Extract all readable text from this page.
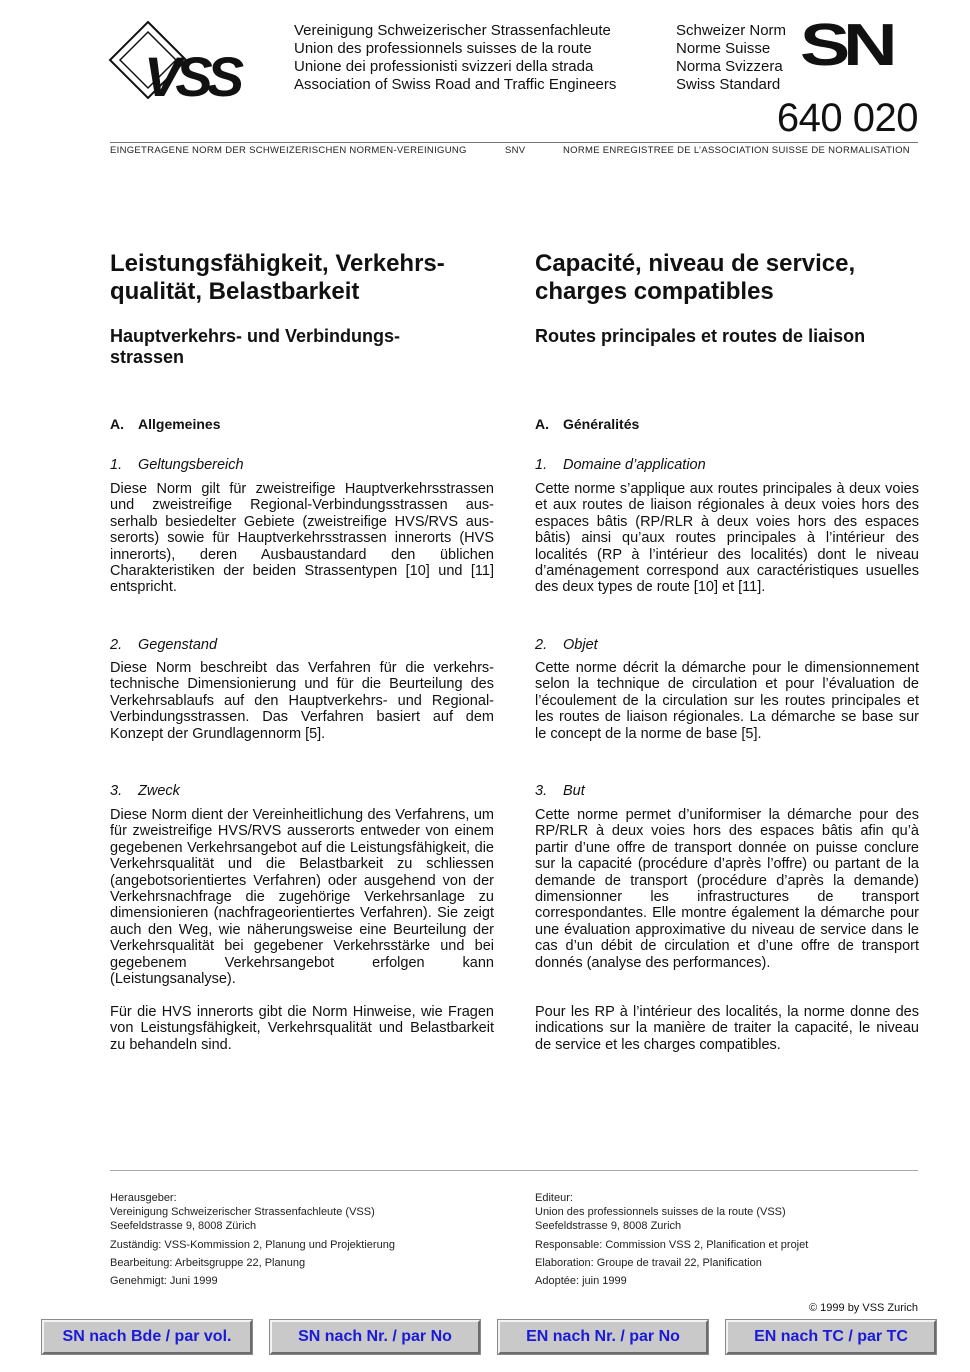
VSS
Vereinigung Schweizerischer Strassenfachleute
Union des professionnels suisses de la route
Unione dei professionisti svizzeri della strada
Association of Swiss Road and Traffic Engineers
Schweizer Norm
Norme Suisse
Norma Svizzera
Swiss Standard
SN
640 020
EINGETRAGENE NORM DER SCHWEIZERISCHEN NORMEN-VEREINIGUNG	SNV	NORME ENREGISTREE DE L’ASSOCIATION SUISSE DE NORMALISATION
Leistungsfähigkeit, Verkehrs-
qualität, Belastbarkeit
Hauptverkehrs- und Verbindungs-
strassen
A. Allgemeines
1. Geltungsbereich

Diese Norm gilt für zweistreifige Hauptverkehrsstrassen und zweistreifige Regional-Verbindungsstrassen ausserhalb besiedelter Gebiete (zweistreifige HVS/RVS ausserorts) sowie für Hauptverkehrsstrassen innerorts (HVS innerorts), deren Ausbaustandard den üblichen Charakteristiken der beiden Strassentypen [10] und [11] entspricht.

2. Gegenstand

Diese Norm beschreibt das Verfahren für die verkehrstechnische Dimensionierung und für die Beurteilung des Verkehrsablaufs auf den Hauptverkehrs- und Regional-Verbindungsstrassen. Das Verfahren basiert auf dem Konzept der Grundlagennorm [5].

3. Zweck

Diese Norm dient der Vereinheitlichung des Verfahrens, um für zweistreifige HVS/RVS ausserorts entweder von einem gegebenen Verkehrsangebot auf die Leistungsfähigkeit, die Verkehrsqualität und die Belastbarkeit zu schliessen (angebotsorientiertes Verfahren) oder ausgehend von der Verkehrsnachfrage die zugehörige Verkehrsanlage zu dimensionieren (nachfrageorientiertes Verfahren). Sie zeigt auch den Weg, wie näherungsweise eine Beurteilung der Verkehrsqualität bei gegebener Verkehrsstärke und bei gegebenem Verkehrsangebot erfolgen kann (Leistungsanalyse).

Für die HVS innerorts gibt die Norm Hinweise, wie Fragen von Leistungsfähigkeit, Verkehrsqualität und Belastbarkeit zu behandeln sind.

Capacité, niveau de service,
charges compatibles
Routes principales et routes de liaison
A. Généralités
1. Domaine d’application

Cette norme s’applique aux routes principales à deux voies et aux routes de liaison régionales à deux voies hors des espaces bâtis (RP/RLR à deux voies hors des espaces bâtis) ainsi qu’aux routes principales à l’intérieur des localités (RP à l’intérieur des localités) dont le niveau d’aménagement correspond aux caractéristiques usuelles des deux types de route [10] et [11].

2. Objet

Cette norme décrit la démarche pour le dimensionnement selon la technique de circulation et pour l’évaluation de l’écoulement de la circulation sur les routes principales et les routes de liaison régionales. La démarche se base sur le concept de la norme de base [5].

3. But

Cette norme permet d’uniformiser la démarche pour des RP/RLR à deux voies hors des espaces bâtis afin qu’à partir d’une offre de transport donnée on puisse conclure sur la capacité (procédure d’après l’offre) ou partant de la demande de transport (procédure d’après la demande) dimensionner les infrastructures de transport correspondantes. Elle montre également la démarche pour une évaluation approximative du niveau de service dans le cas d’un débit de circulation et d’une offre de transport donnés (analyse des performances).

Pour les RP à l’intérieur des localités, la norme donne des indications sur la manière de traiter la capacité, le niveau de service et les charges compatibles.

Herausgeber:

Vereinigung Schweizerischer Strassenfachleute (VSS)

Seefeldstrasse 9, 8008 Zürich

Zuständig: VSS-Kommission 2, Planung und Projektierung

Bearbeitung: Arbeitsgruppe 22, Planung

Genehmigt: Juni 1999

Editeur:

Union des professionnels suisses de la route (VSS)

Seefeldstrasse 9, 8008 Zurich

Responsable: Commission VSS 2, Planification et projet

Elaboration: Groupe de travail 22, Planification

Adoptée: juin 1999

© 1999 by VSS Zurich
SN nach Bde / par vol.	SN nach Nr. / par No	EN nach Nr. / par No	EN nach TC / par TC
